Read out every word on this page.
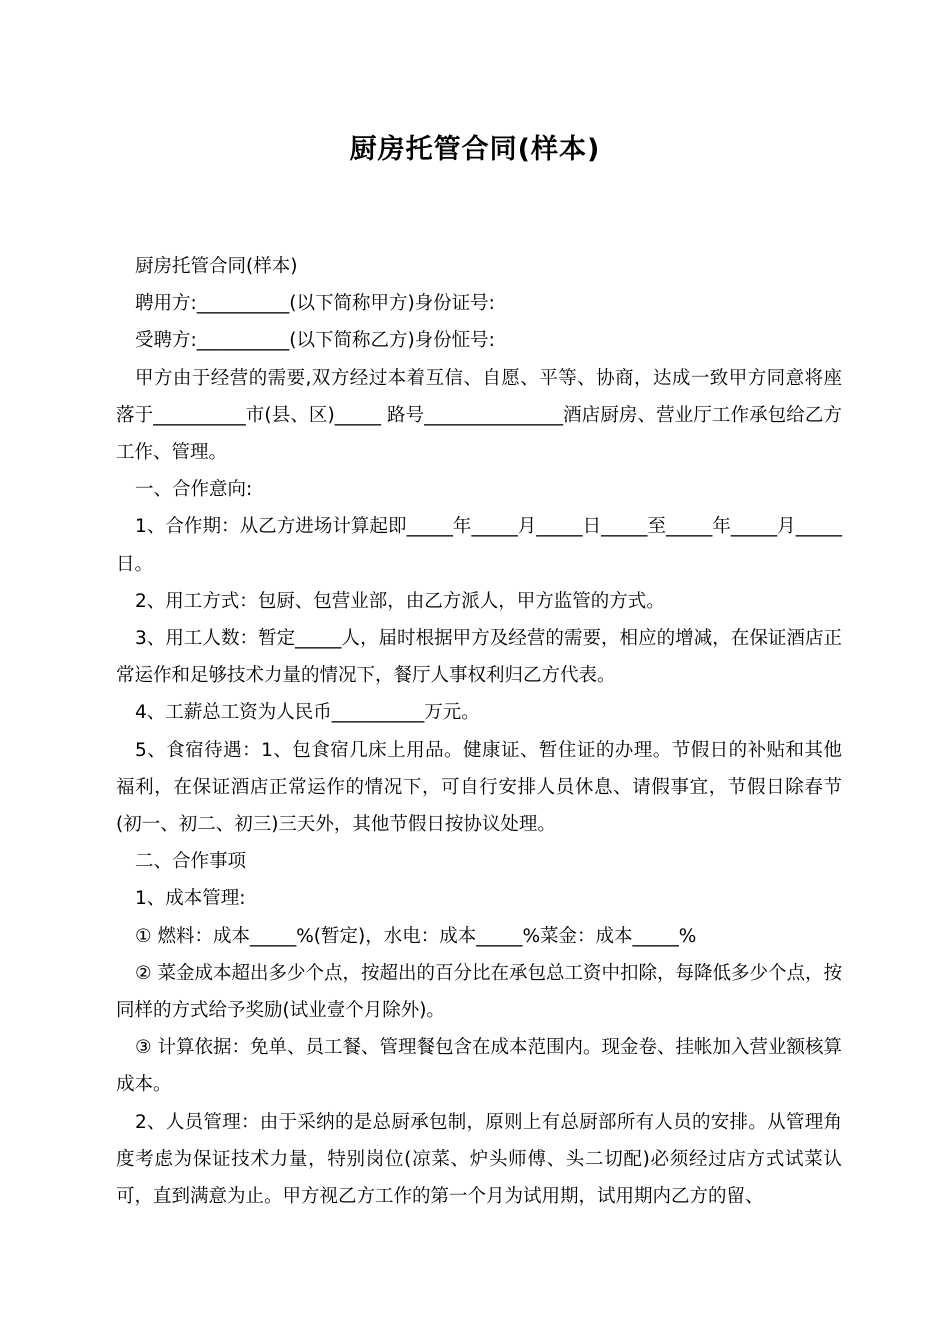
厨房托管合同(样本)

厨房托管合同(样本)

聘用方:__________(以下简称甲方)身份证号:

受聘方:__________(以下简称乙方)身份怔号:

甲方由于经营的需要,双方经过本着互信、自愿、平等、协商，达成一致甲方同意将座落于__________市(县、区)_____ 路号_______________酒店厨房、营业厅工作承包给乙方工作、管理。

一、合作意向:

1、合作期：从乙方进场计算起即_____年_____月_____日_____至_____年_____月_____日。

2、用工方式：包厨、包营业部，由乙方派人，甲方监管的方式。

3、用工人数：暂定_____人，届时根据甲方及经营的需要，相应的增减，在保证酒店正常运作和足够技术力量的情况下，餐厅人事权利归乙方代表。

4、工薪总工资为人民币__________万元。

5、食宿待遇：1、包食宿几床上用品。健康证、暂住证的办理。节假日的补贴和其他福利，在保证酒店正常运作的情况下，可自行安排人员休息、请假事宜，节假日除春节(初一、初二、初三)三天外，其他节假日按协议处理。

二、合作事项

1、成本管理:

① 燃料：成本_____%(暂定)，水电：成本_____%菜金：成本_____%

② 菜金成本超出多少个点，按超出的百分比在承包总工资中扣除，每降低多少个点，按同样的方式给予奖励(试业壹个月除外)。

③ 计算依据：免单、员工餐、管理餐包含在成本范围内。现金卷、挂帐加入营业额核算成本。

2、人员管理：由于采纳的是总厨承包制，原则上有总厨部所有人员的安排。从管理角度考虑为保证技术力量，特别岗位(凉菜、炉头师傅、头二切配)必须经过店方式试菜认可，直到满意为止。甲方视乙方工作的第一个月为试用期，试用期内乙方的留、
